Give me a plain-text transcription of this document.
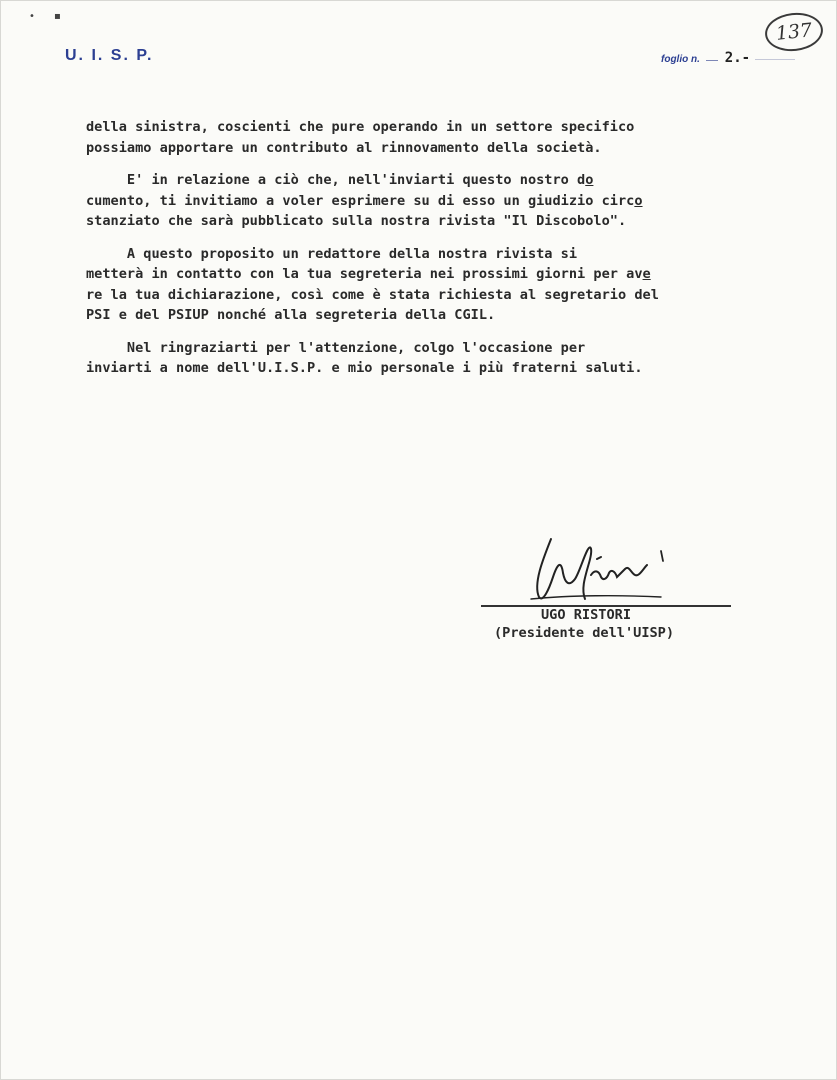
•      ▪
U. I. S. P.	foglio n. 2.-
137
della sinistra, coscienti che pure operando in un settore specifico
possiamo apportare un contributo al rinnovamento della società.
E' in relazione a ciò che, nell'inviarti questo nostro do
cumento, ti invitiamo a voler esprimere su di esso un giudizio circo
stanziato che sarà pubblicato sulla nostra rivista "Il Discobolo".
A questo proposito un redattore della nostra rivista si
metterà in contatto con la tua segreteria nei prossimi giorni per ave
re la tua dichiarazione, così come è stata richiesta al segretario del
PSI e del PSIUP nonché alla segreteria della CGIL.
Nel ringraziarti per l'attenzione, colgo l'occasione per
inviarti a nome dell'U.I.S.P. e mio personale i più fraterni saluti.
UGO RISTORI
(Presidente dell'UISP)
